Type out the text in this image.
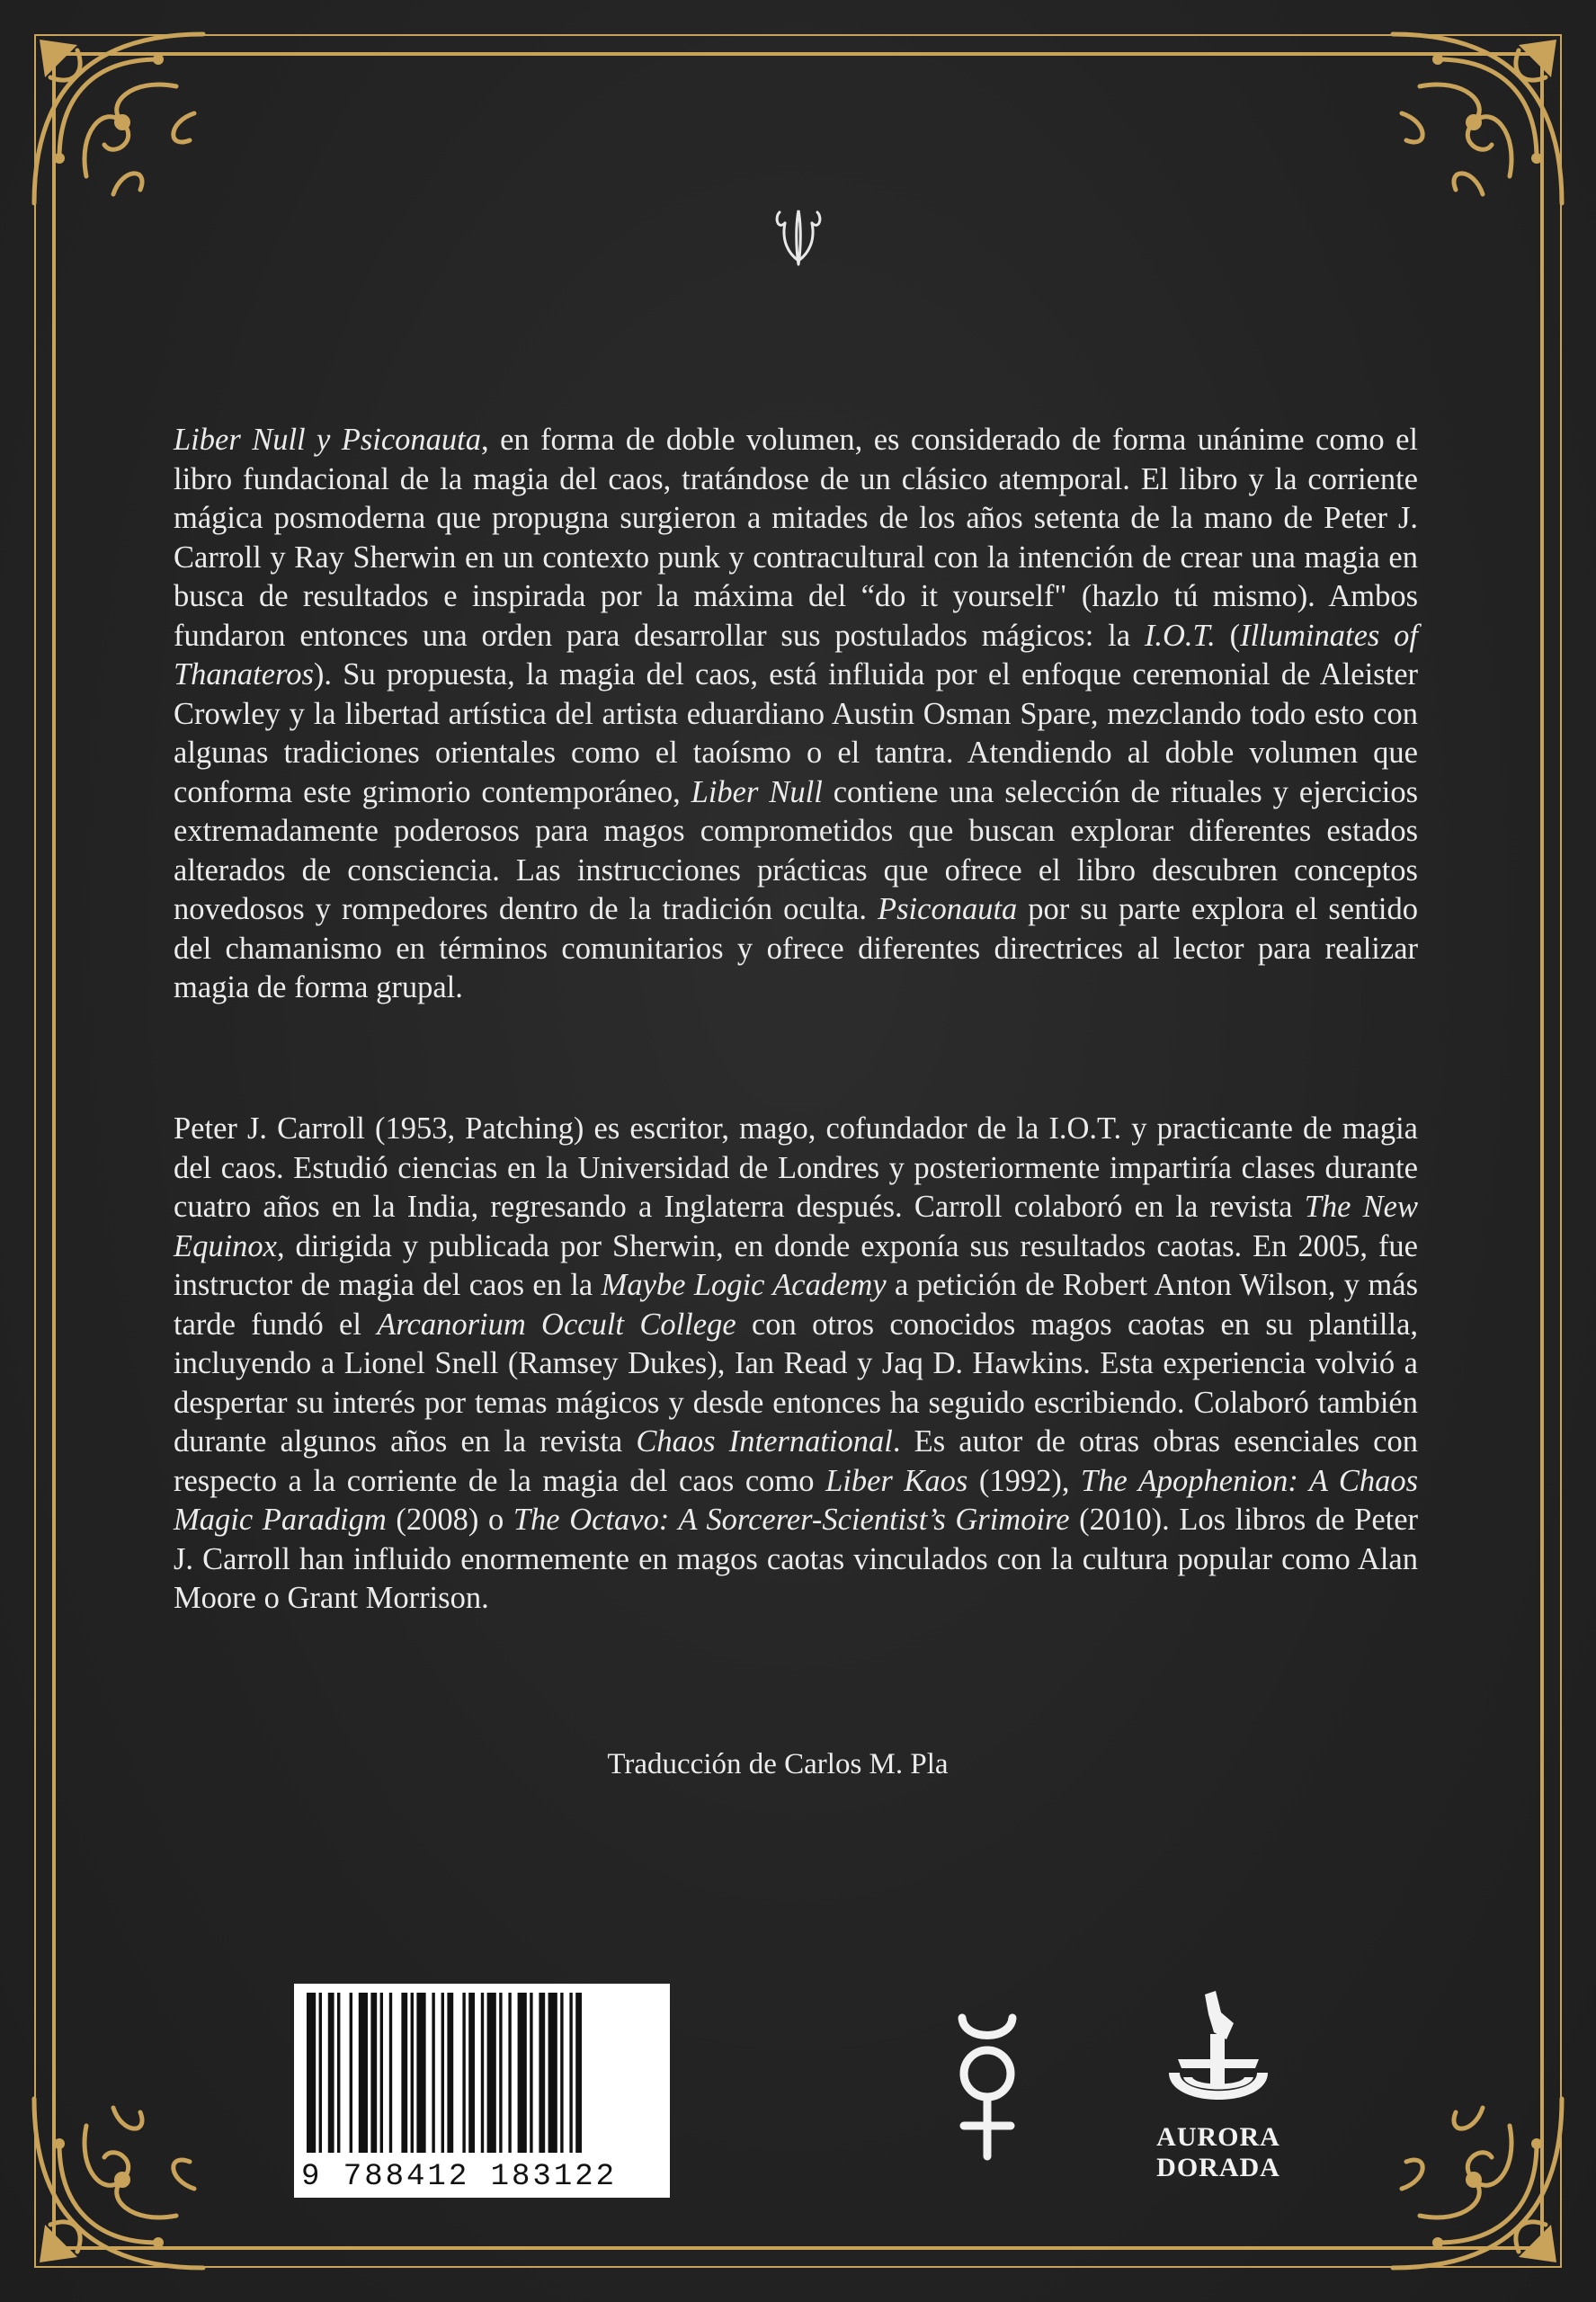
Liber Null y Psiconauta, en forma de doble volumen, es considerado de forma unánime como el libro fundacional de la magia del caos, tratándose de un clásico atemporal. El libro y la corriente mágica posmoderna que propugna surgieron a mitades de los años setenta de la mano de Peter J. Carroll y Ray Sherwin en un contexto punk y contracultural con la intención de crear una magia en busca de resultados e inspirada por la máxima del “do it yourself" (hazlo tú mismo). Ambos fundaron entonces una orden para desarrollar sus postulados mágicos: la I.O.T. (Illuminates of Thanateros). Su propuesta, la magia del caos, está influida por el enfoque ceremonial de Aleister Crowley y la libertad artística del artista eduardiano Austin Osman Spare, mezclando todo esto con algunas tradiciones orientales como el taoísmo o el tantra. Atendiendo al doble volumen que conforma este grimorio contemporáneo, Liber Null contiene una selección de rituales y ejercicios extremadamente poderosos para magos comprometidos que buscan explorar diferentes estados alterados de consciencia. Las instrucciones prácticas que ofrece el libro descubren conceptos novedosos y rompedores dentro de la tradición oculta. Psiconauta por su parte explora el sentido del chamanismo en términos comunitarios y ofrece diferentes directrices al lector para realizar magia de forma grupal.
Peter J. Carroll (1953, Patching) es escritor, mago, cofundador de la I.O.T. y practicante de magia del caos. Estudió ciencias en la Universidad de Londres y posteriormente impartiría clases durante cuatro años en la India, regresando a Inglaterra después. Carroll colaboró en la revista The New Equinox, dirigida y publicada por Sherwin, en donde exponía sus resultados caotas. En 2005, fue instructor de magia del caos en la Maybe Logic Academy a petición de Robert Anton Wilson, y más tarde fundó el Arcanorium Occult College con otros conocidos magos caotas en su plantilla, incluyendo a Lionel Snell (Ramsey Dukes), Ian Read y Jaq D. Hawkins. Esta experiencia volvió a despertar su interés por temas mágicos y desde entonces ha seguido escribiendo. Colaboró también durante algunos años en la revista Chaos International. Es autor de otras obras esenciales con respecto a la corriente de la magia del caos como Liber Kaos (1992), The Apophenion: A Chaos Magic Paradigm (2008) o The Octavo: A Sorcerer-Scientist’s Grimoire (2010). Los libros de Peter J. Carroll han influido enormemente en magos caotas vinculados con la cultura popular como Alan Moore o Grant Morrison.
Traducción de Carlos M. Pla
9 788412 183122
AURORA
DORADA
